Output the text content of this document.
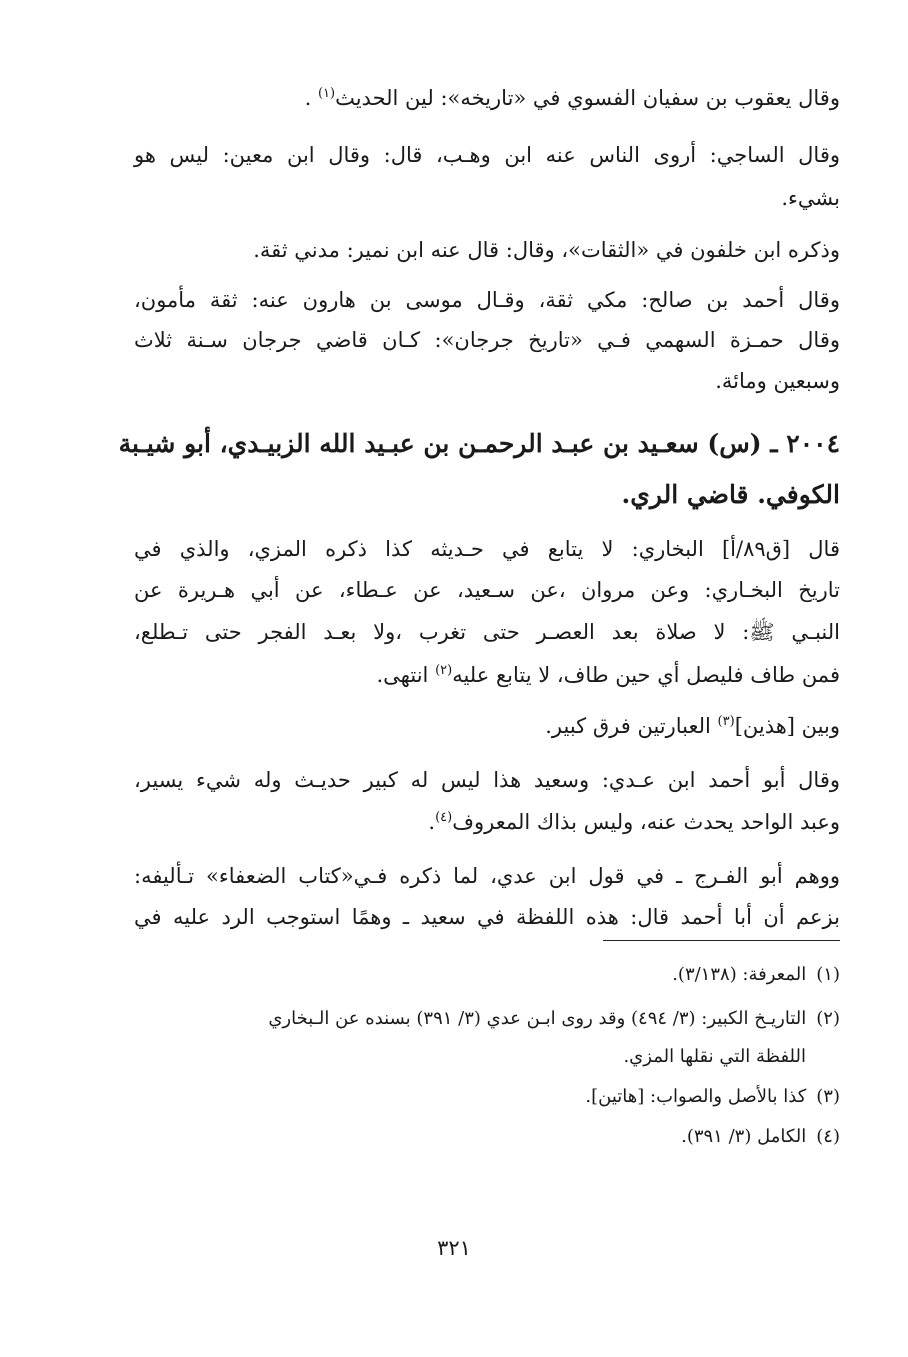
وقال يعقوب بن سفيان الفسوي في «تاريخه»: لين الحديث$^{(١)}$ .
وقال الساجي: أروى الناس عنه ابن وهـب، قال: وقال ابن معين: ليس هو
بشيء.
وذكره ابن خلفون في «الثقات»، وقال: قال عنه ابن نمير: مدني ثقة.
وقال أحمد بن صالح: مكي ثقة، وقـال موسى بن هارون عنه: ثقة مأمون،
وقال حمـزة السهمي فـي «تاريخ جرجان»: كـان قاضي جرجان سـنة ثلاث
وسبعين ومائة.
٢٠٠٤ ـ (س) سعـيد بن عبـد الرحمـن بن عبـيد الله الزبيـدي، أبو شيـبة
الكوفي. قاضي الري.
قال [ق٨٩/أ] البخاري: لا يتابع في حـديثه كذا ذكره المزي، والذي في
تاريخ البخـاري: وعن مروان ،عن سـعيد، عن عـطاء، عن أبي هـريرة عن
النبـي ﷺ: لا صلاة بعد العصـر حتى تغرب ،ولا بعـد الفجر حتى تـطلع،
فمن طاف فليصل أي حين طاف، لا يتابع عليه$^{(٢)}$ انتهى.
وبين [هذين]$^{(٣)}$ العبارتين فرق كبير.
وقال أبو أحمد ابن عـدي: وسعيد هذا ليس له كبير حديـث وله شيء يسير،
وعبد الواحد يحدث عنه، وليس بذاك المعروف$^{(٤)}$.
ووهم أبو الفـرج ـ في قول ابن عدي، لما ذكره فـي«كتاب الضعفاء» تـأليفه:
بزعم أن أبا أحمد قال: هذه اللفظة في سعيد ـ وهمًا استوجب الرد عليه في
(١) المعرفة: (٣/١٣٨).
(٢) التاريـخ الكبير: (٣/ ٤٩٤) وقد روى ابـن عدي (٣/ ٣٩١) بسنده عن الـبخاري
اللفظة التي نقلها المزي.
(٣) كذا بالأصل والصواب: [هاتين].
(٤) الكامل (٣/ ٣٩١).
٣٢١
